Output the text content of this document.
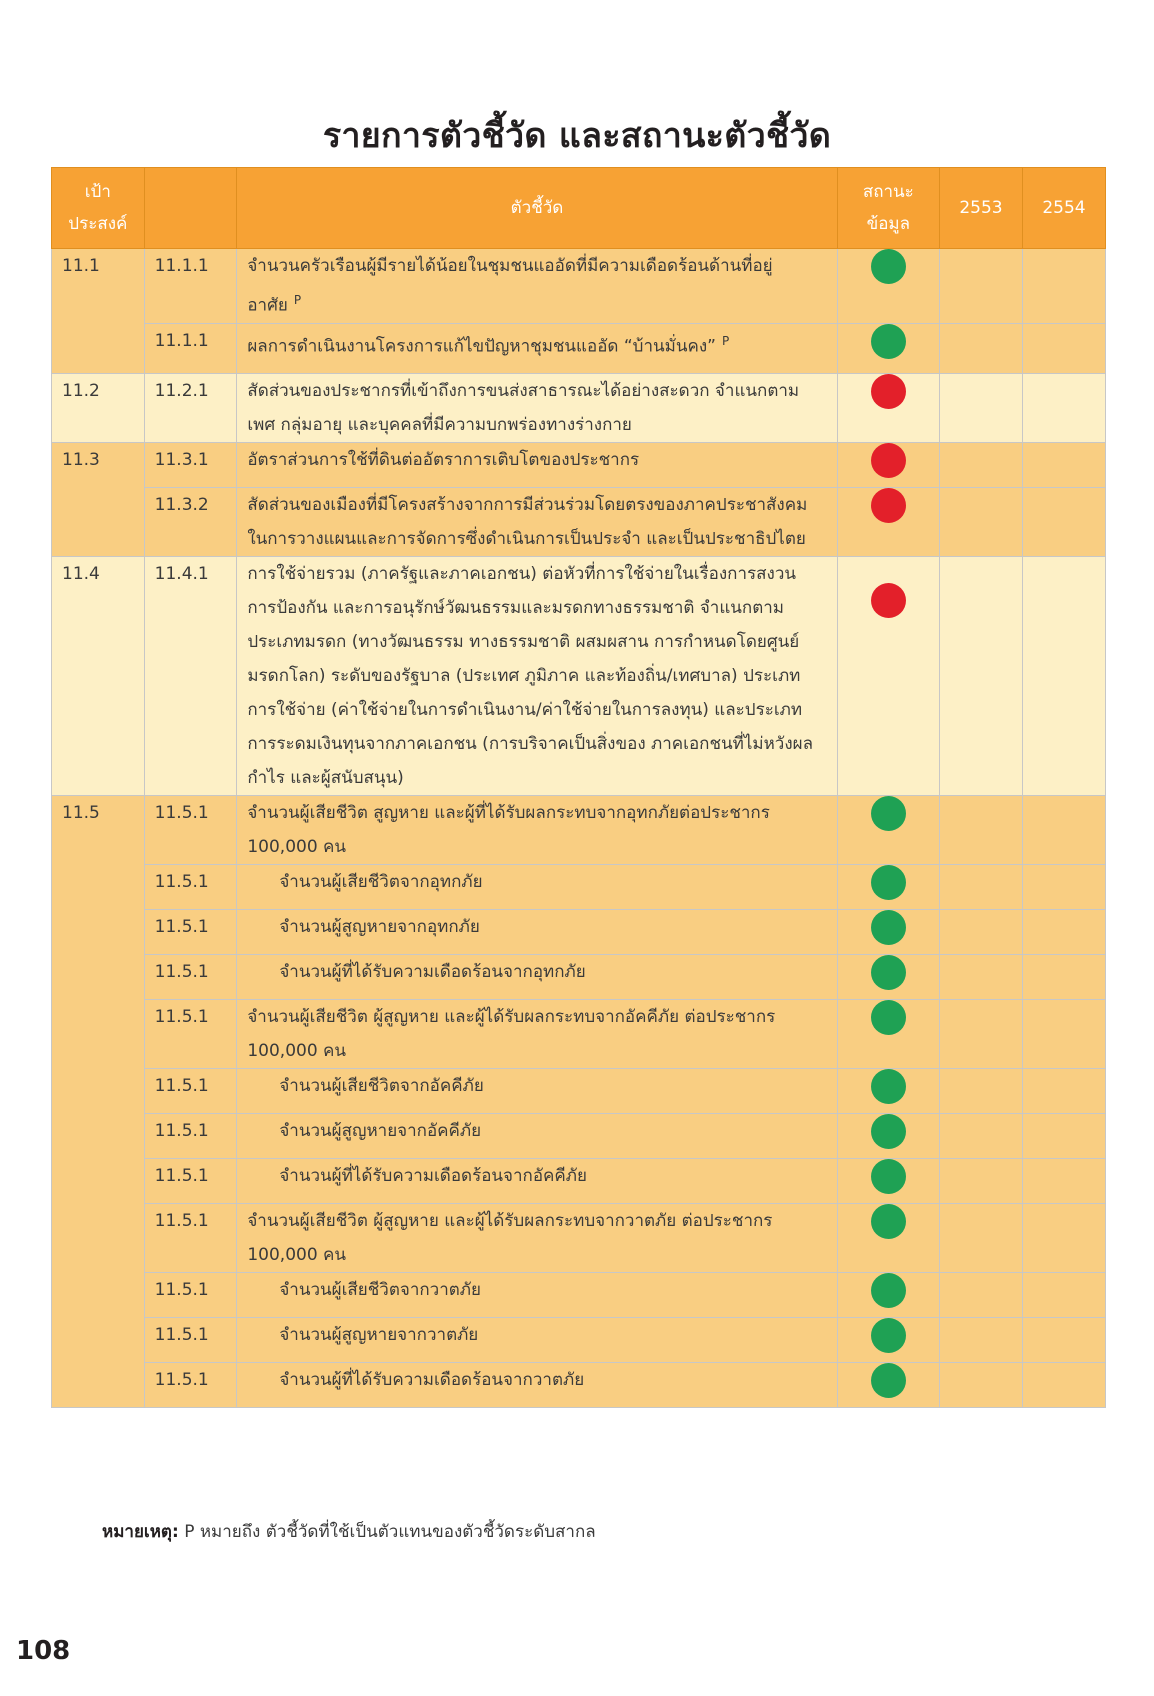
รายการตัวชี้วัด และสถานะตัวชี้วัด
เป้า
ประสงค์		ตัวชี้วัด	สถานะ
ข้อมูล	2553	2554
11.1	11.1.1	จำนวนครัวเรือนผู้มีรายได้น้อยในชุมชนแออัดที่มีความเดือดร้อนด้านที่อยู่อาศัย $^P$			
	11.1.1	ผลการดำเนินงานโครงการแก้ไขปัญหาชุมชนแออัด “บ้านมั่นคง” $^P$			
11.2	11.2.1	สัดส่วนของประชากรที่เข้าถึงการขนส่งสาธารณะได้อย่างสะดวก จำแนกตามเพศ กลุ่มอายุ และบุคคลที่มีความบกพร่องทางร่างกาย			
11.3	11.3.1	อัตราส่วนการใช้ที่ดินต่ออัตราการเติบโตของประชากร			
	11.3.2	สัดส่วนของเมืองที่มีโครงสร้างจากการมีส่วนร่วมโดยตรงของภาคประชาสังคมในการวางแผนและการจัดการซึ่งดำเนินการเป็นประจำ และเป็นประชาธิปไตย			
11.4	11.4.1	การใช้จ่ายรวม (ภาครัฐและภาคเอกชน) ต่อหัวที่การใช้จ่ายในเรื่องการสงวน การป้องกัน และการอนุรักษ์วัฒนธรรมและมรดกทางธรรมชาติ จำแนกตามประเภทมรดก (ทางวัฒนธรรม ทางธรรมชาติ ผสมผสาน การกำหนดโดยศูนย์มรดกโลก) ระดับของรัฐบาล (ประเทศ ภูมิภาค และท้องถิ่น/เทศบาล) ประเภทการใช้จ่าย (ค่าใช้จ่ายในการดำเนินงาน/ค่าใช้จ่ายในการลงทุน) และประเภทการระดมเงินทุนจากภาคเอกชน (การบริจาคเป็นสิ่งของ ภาคเอกชนที่ไม่หวังผลกำไร และผู้สนับสนุน)			
11.5	11.5.1	จำนวนผู้เสียชีวิต สูญหาย และผู้ที่ได้รับผลกระทบจากอุทกภัยต่อประชากร 100,000 คน			
	11.5.1	จำนวนผู้เสียชีวิตจากอุทกภัย			
	11.5.1	จำนวนผู้สูญหายจากอุทกภัย			
	11.5.1	จำนวนผู้ที่ได้รับความเดือดร้อนจากอุทกภัย			
	11.5.1	จำนวนผู้เสียชีวิต ผู้สูญหาย และผู้ได้รับผลกระทบจากอัคคีภัย ต่อประชากร 100,000 คน			
	11.5.1	จำนวนผู้เสียชีวิตจากอัคคีภัย			
	11.5.1	จำนวนผู้สูญหายจากอัคคีภัย			
	11.5.1	จำนวนผู้ที่ได้รับความเดือดร้อนจากอัคคีภัย			
	11.5.1	จำนวนผู้เสียชีวิต ผู้สูญหาย และผู้ได้รับผลกระทบจากวาตภัย ต่อประชากร 100,000 คน			
	11.5.1	จำนวนผู้เสียชีวิตจากวาตภัย			
	11.5.1	จำนวนผู้สูญหายจากวาตภัย			
	11.5.1	จำนวนผู้ที่ได้รับความเดือดร้อนจากวาตภัย			
หมายเหตุ: P หมายถึง ตัวชี้วัดที่ใช้เป็นตัวแทนของตัวชี้วัดระดับสากล
108
